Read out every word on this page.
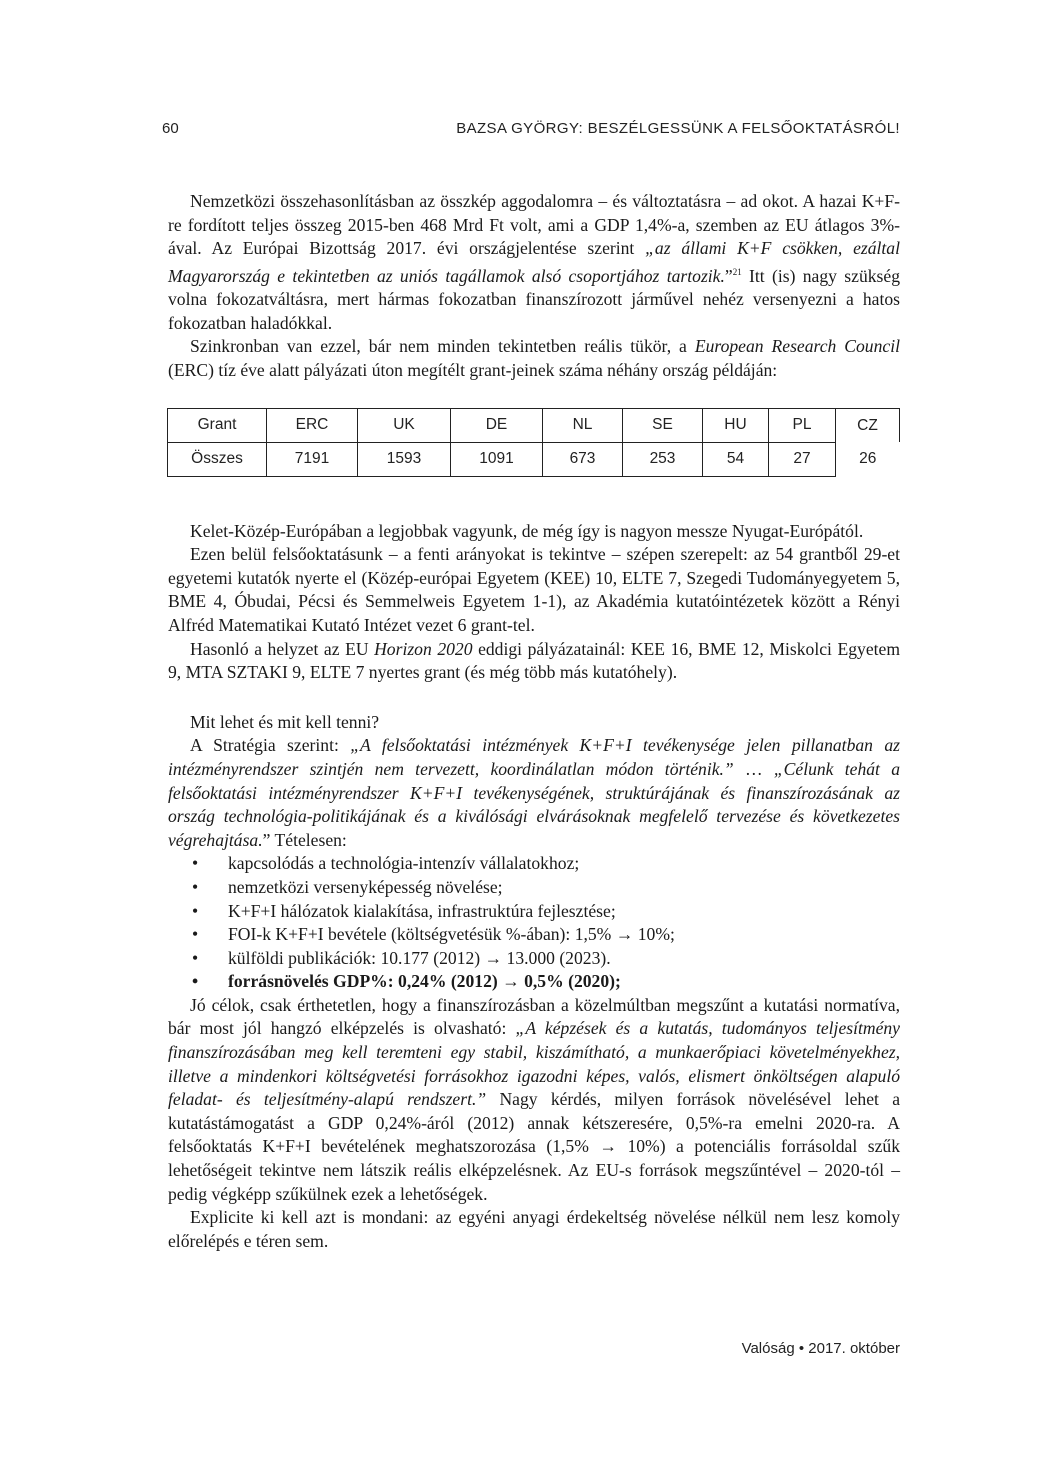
60	BAZSA GYÖRGY: BESZÉLGESSÜNK A FELSŐOKTATÁSRÓL!

Nemzetközi összehasonlításban az összkép aggodalomra – és változtatásra – ad okot. A hazai K+F-re fordított teljes összeg 2015-ben 468 Mrd Ft volt, ami a GDP 1,4%-a, szemben az EU átlagos 3%-ával. Az Európai Bizottság 2017. évi országjelentése szerint „az állami K+F csökken, ezáltal Magyarország e tekintetben az uniós tagállamok alsó csoportjához tartozik.”$^{21}$ Itt (is) nagy szükség volna fokozatváltásra, mert hármas fokozatban finanszírozott járművel nehéz versenyezni a hatos fokozatban haladókkal.

Szinkronban van ezzel, bár nem minden tekintetben reális tükör, a European Research Council (ERC) tíz éve alatt pályázati úton megítélt grant-jeinek száma néhány ország példáján:

Grant	ERC	UK	DE	NL	SE	HU	PL	CZ
Összes	7191	1593	1091	673	253	54	27	26

Kelet-Közép-Európában a legjobbak vagyunk, de még így is nagyon messze Nyugat-Európától.

Ezen belül felsőoktatásunk – a fenti arányokat is tekintve – szépen szerepelt: az 54 grantből 29-et egyetemi kutatók nyerte el (Közép-európai Egyetem (KEE) 10, ELTE 7, Szegedi Tudományegyetem 5, BME 4, Óbudai, Pécsi és Semmelweis Egyetem 1-1), az Akadémia kutatóintézetek között a Rényi Alfréd Matematikai Kutató Intézet vezet 6 grant-tel.

Hasonló a helyzet az EU Horizon 2020 eddigi pályázatainál: KEE 16, BME 12, Miskolci Egyetem 9, MTA SZTAKI 9, ELTE 7 nyertes grant (és még több más kutatóhely).

Mit lehet és mit kell tenni?

A Stratégia szerint: „A felsőoktatási intézmények K+F+I tevékenysége jelen pillanatban az intézményrendszer szintjén nem tervezett, koordinálatlan módon történik.” … „Célunk tehát a felsőoktatási intézményrendszer K+F+I tevékenységének, struktúrájának és finanszírozásának az ország technológia-politikájának és a kiválósági elvárásoknak megfelelő tervezése és következetes végrehajtása.” Tételesen:

• kapcsolódás a technológia-intenzív vállalatokhoz;
• nemzetközi versenyképesség növelése;
• K+F+I hálózatok kialakítása, infrastruktúra fejlesztése;
• FOI-k K+F+I bevétele (költségvetésük %-ában): 1,5% → 10%;
• külföldi publikációk: 10.177 (2012) → 13.000 (2023).
• forrásnövelés GDP%: 0,24% (2012) → 0,5% (2020);

Jó célok, csak érthetetlen, hogy a finanszírozásban a közelmúltban megszűnt a kutatási normatíva, bár most jól hangzó elképzelés is olvasható: „A képzések és a kutatás, tudományos teljesítmény finanszírozásában meg kell teremteni egy stabil, kiszámítható, a munkaerőpiaci követelményekhez, illetve a mindenkori költségvetési forrásokhoz igazodni képes, valós, elismert önköltségen alapuló feladat- és teljesítmény-alapú rendszert.” Nagy kérdés, milyen források növelésével lehet a kutatástámogatást a GDP 0,24%-áról (2012) annak kétszeresére, 0,5%-ra emelni 2020-ra. A felsőoktatás K+F+I bevételének meghatszorozása (1,5% → 10%) a potenciális forrásoldal szűk lehetőségeit tekintve nem látszik reális elképzelésnek. Az EU-s források megszűntével – 2020-tól – pedig végképp szűkülnek ezek a lehetőségek.

Explicite ki kell azt is mondani: az egyéni anyagi érdekeltség növelése nélkül nem lesz komoly előrelépés e téren sem.

Valóság • 2017. október
